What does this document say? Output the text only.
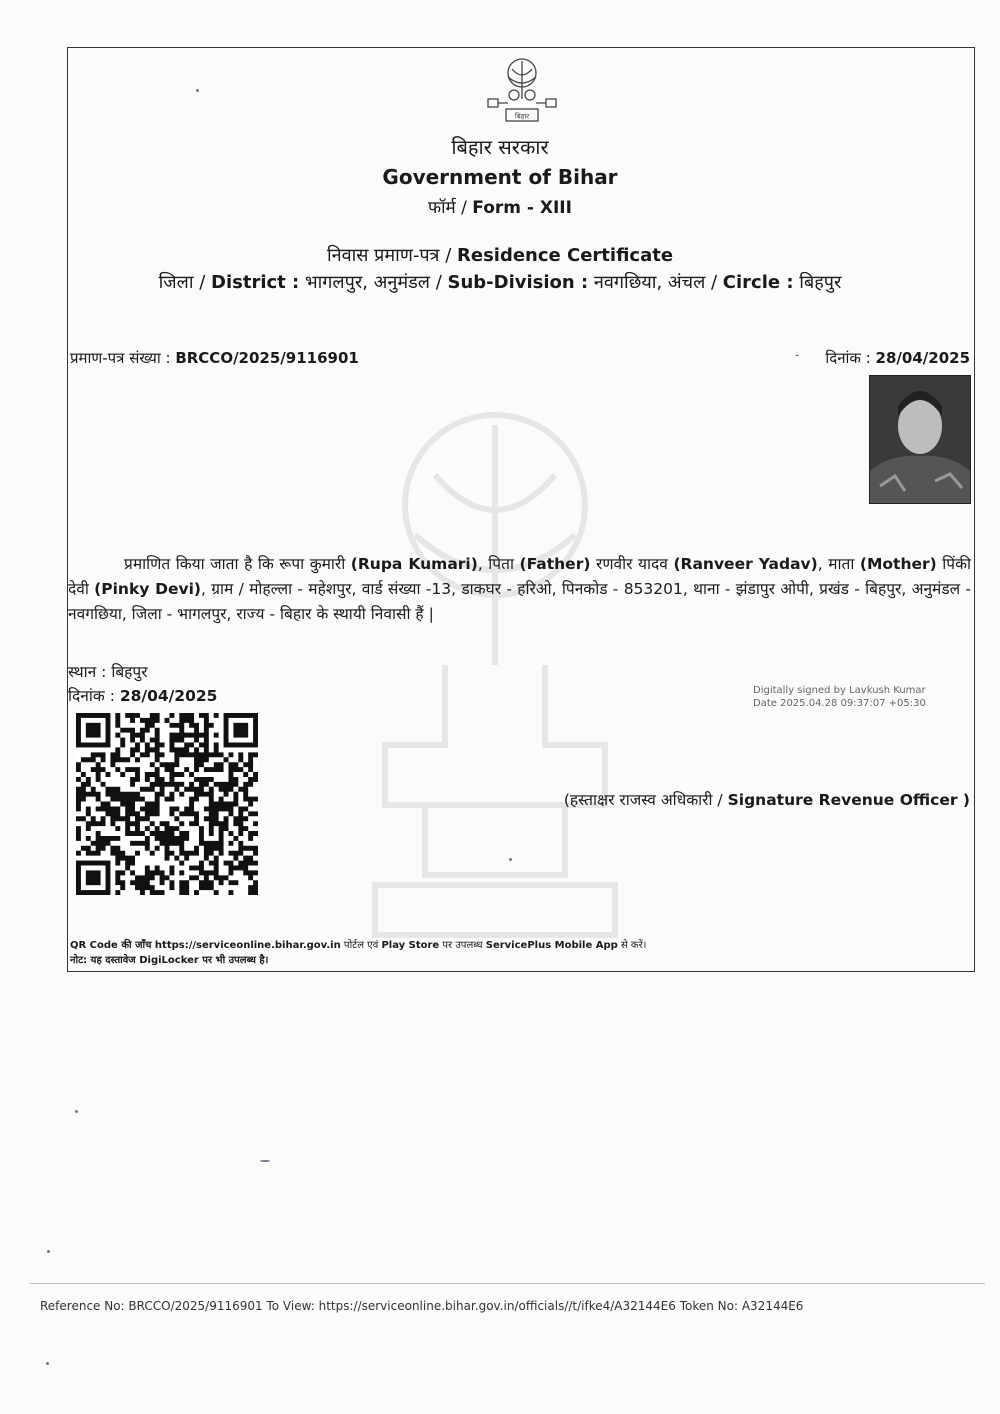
बिहार
बिहार सरकार
Government of Bihar
फॉर्म / Form - XIII
निवास प्रमाण-पत्र / Residence Certificate
जिला / District : भागलपुर, अनुमंडल / Sub-Division : नवगछिया, अंचल / Circle : बिहपुर
प्रमाण-पत्र संख्या : BRCCO/2025/9116901	-	दिनांक : 28/04/2025
प्रमाणित किया जाता है कि रूपा कुमारी (Rupa Kumari), पिता (Father) रणवीर यादव (Ranveer Yadav), माता (Mother) पिंकी देवी (Pinky Devi), ग्राम / मोहल्ला - महेशपुर, वार्ड संख्या -13, डाकघर - हरिओ, पिनकोड - 853201, थाना - झंडापुर ओपी, प्रखंड - बिहपुर, अनुमंडल - नवगछिया, जिला - भागलपुर, राज्य - बिहार के स्थायी निवासी हैं |
स्थान : बिहपुर
दिनांक : 28/04/2025	Digitally signed by Lavkush Kumar
Date 2025.04.28 09:37:07 +05:30
(हस्ताक्षर राजस्व अधिकारी / Signature Revenue Officer )
QR Code की जाँच https://serviceonline.bihar.gov.in पोर्टल एवं Play Store पर उपलब्ध ServicePlus Mobile App से करें।
नोट: यह दस्तावेज DigiLocker पर भी उपलब्ध है।
Reference No: BRCCO/2025/9116901 To View: https://serviceonline.bihar.gov.in/officials//t/ifke4/A32144E6 Token No: A32144E6
